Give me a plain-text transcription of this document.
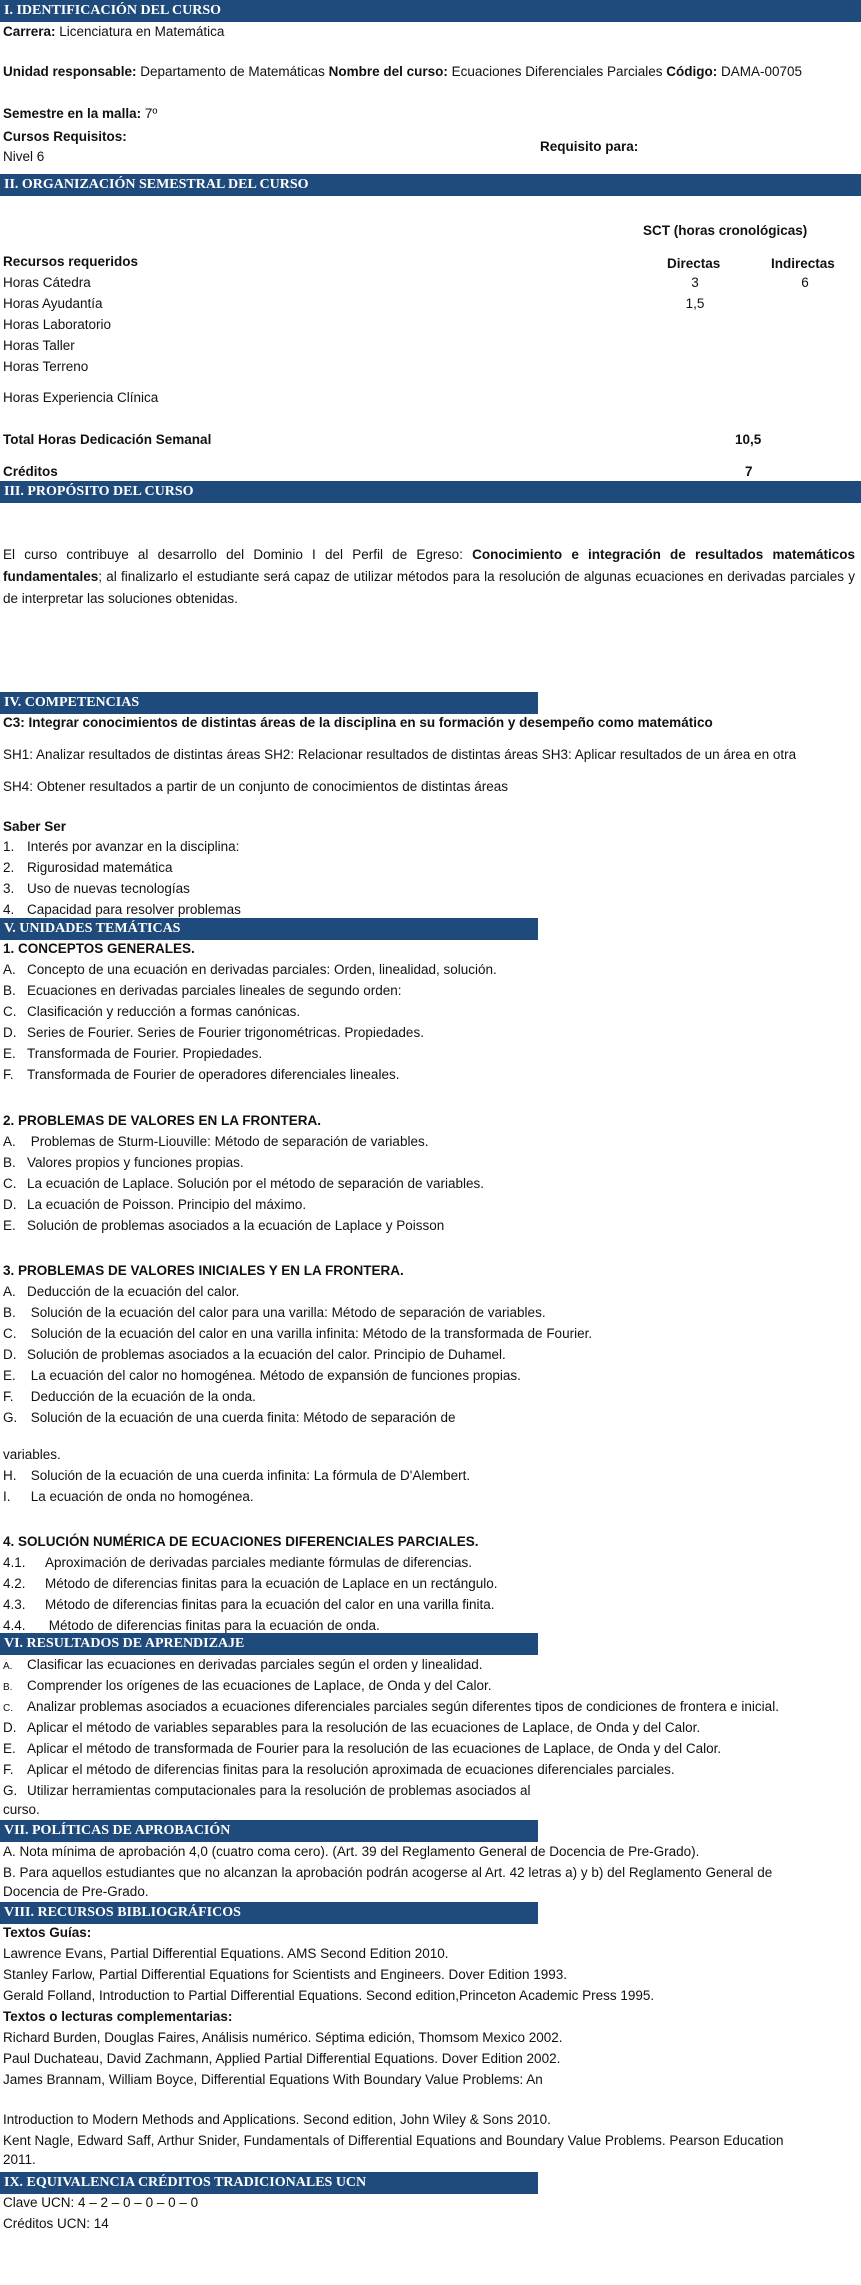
I. IDENTIFICACIÓN DEL CURSO
Carrera: Licenciatura en Matemática
Unidad responsable: Departamento de Matemáticas Nombre del curso: Ecuaciones Diferenciales Parciales Código: DAMA-00705
Semestre en la malla: 7º
Cursos Requisitos:
Nivel 6
Requisito para:
II. ORGANIZACIÓN SEMESTRAL DEL CURSO
SCT (horas cronológicas)
Recursos requeridos	Directas	Indirectas
Horas Cátedra	3	6
Horas Ayudantía	1,5
Horas Laboratorio
Horas Taller
Horas Terreno
Horas Experiencia Clínica
Total Horas Dedicación Semanal	10,5
Créditos	7
III. PROPÓSITO DEL CURSO
El curso contribuye al desarrollo del Dominio I del Perfil de Egreso: Conocimiento e integración de resultados matemáticos fundamentales; al finalizarlo el estudiante será capaz de utilizar métodos para la resolución de algunas ecuaciones en derivadas parciales y de interpretar las soluciones obtenidas.
IV. COMPETENCIAS
C3: Integrar conocimientos de distintas áreas de la disciplina en su formación y desempeño como matemático
SH1: Analizar resultados de distintas áreas SH2: Relacionar resultados de distintas áreas SH3: Aplicar resultados de un área en otra
SH4: Obtener resultados a partir de un conjunto de conocimientos de distintas áreas
Saber Ser
1. Interés por avanzar en la disciplina:
2. Rigurosidad matemática
3. Uso de nuevas tecnologías
4. Capacidad para resolver problemas
V. UNIDADES TEMÁTICAS
1. CONCEPTOS GENERALES.
A. Concepto de una ecuación en derivadas parciales: Orden, linealidad, solución.
B. Ecuaciones en derivadas parciales lineales de segundo orden:
C. Clasificación y reducción a formas canónicas.
D. Series de Fourier. Series de Fourier trigonométricas. Propiedades.
E. Transformada de Fourier. Propiedades.
F. Transformada de Fourier de operadores diferenciales lineales.
2. PROBLEMAS DE VALORES EN LA FRONTERA.
A. Problemas de Sturm-Liouville: Método de separación de variables.
B. Valores propios y funciones propias.
C. La ecuación de Laplace. Solución por el método de separación de variables.
D. La ecuación de Poisson. Principio del máximo.
E. Solución de problemas asociados a la ecuación de Laplace y Poisson
3. PROBLEMAS DE VALORES INICIALES Y EN LA FRONTERA.
A. Deducción de la ecuación del calor.
B. Solución de la ecuación del calor para una varilla: Método de separación de variables.
C. Solución de la ecuación del calor en una varilla infinita: Método de la transformada de Fourier.
D. Solución de problemas asociados a la ecuación del calor. Principio de Duhamel.
E. La ecuación del calor no homogénea. Método de expansión de funciones propias.
F. Deducción de la ecuación de la onda.
G. Solución de la ecuación de una cuerda finita: Método de separación de
variables.
H. Solución de la ecuación de una cuerda infinita: La fórmula de D'Alembert.
I. La ecuación de onda no homogénea.
4. SOLUCIÓN NUMÉRICA DE ECUACIONES DIFERENCIALES PARCIALES.
4.1. Aproximación de derivadas parciales mediante fórmulas de diferencias.
4.2. Método de diferencias finitas para la ecuación de Laplace en un rectángulo.
4.3. Método de diferencias finitas para la ecuación del calor en una varilla finita.
4.4. Método de diferencias finitas para la ecuación de onda.
VI. RESULTADOS DE APRENDIZAJE
A. Clasificar las ecuaciones en derivadas parciales según el orden y linealidad.
B. Comprender los orígenes de las ecuaciones de Laplace, de Onda y del Calor.
C. Analizar problemas asociados a ecuaciones diferenciales parciales según diferentes tipos de condiciones de frontera e inicial.
D. Aplicar el método de variables separables para la resolución de las ecuaciones de Laplace, de Onda y del Calor.
E. Aplicar el método de transformada de Fourier para la resolución de las ecuaciones de Laplace, de Onda y del Calor.
F. Aplicar el método de diferencias finitas para la resolución aproximada de ecuaciones diferenciales parciales.
G. Utilizar herramientas computacionales para la resolución de problemas asociados al
curso.
VII. POLÍTICAS DE APROBACIÓN
A. Nota mínima de aprobación 4,0 (cuatro coma cero). (Art. 39 del Reglamento General de Docencia de Pre-Grado).
B. Para aquellos estudiantes que no alcanzan la aprobación podrán acogerse al Art. 42 letras a) y b) del Reglamento General de
Docencia de Pre-Grado.
VIII. RECURSOS BIBLIOGRÁFICOS
Textos Guías:
Lawrence Evans, Partial Differential Equations. AMS Second Edition 2010.
Stanley Farlow, Partial Differential Equations for Scientists and Engineers. Dover Edition 1993.
Gerald Folland, Introduction to Partial Differential Equations. Second edition,Princeton Academic Press 1995.
Textos o lecturas complementarias:
Richard Burden, Douglas Faires, Análisis numérico. Séptima edición, Thomsom Mexico 2002.
Paul Duchateau, David Zachmann, Applied Partial Differential Equations. Dover Edition 2002.
James Brannam, William Boyce, Differential Equations With Boundary Value Problems: An
Introduction to Modern Methods and Applications. Second edition, John Wiley & Sons 2010.
Kent Nagle, Edward Saff, Arthur Snider, Fundamentals of Differential Equations and Boundary Value Problems. Pearson Education
2011.
IX. EQUIVALENCIA CRÉDITOS TRADICIONALES UCN
Clave UCN: 4 – 2 – 0 – 0 – 0 – 0
Créditos UCN: 14
